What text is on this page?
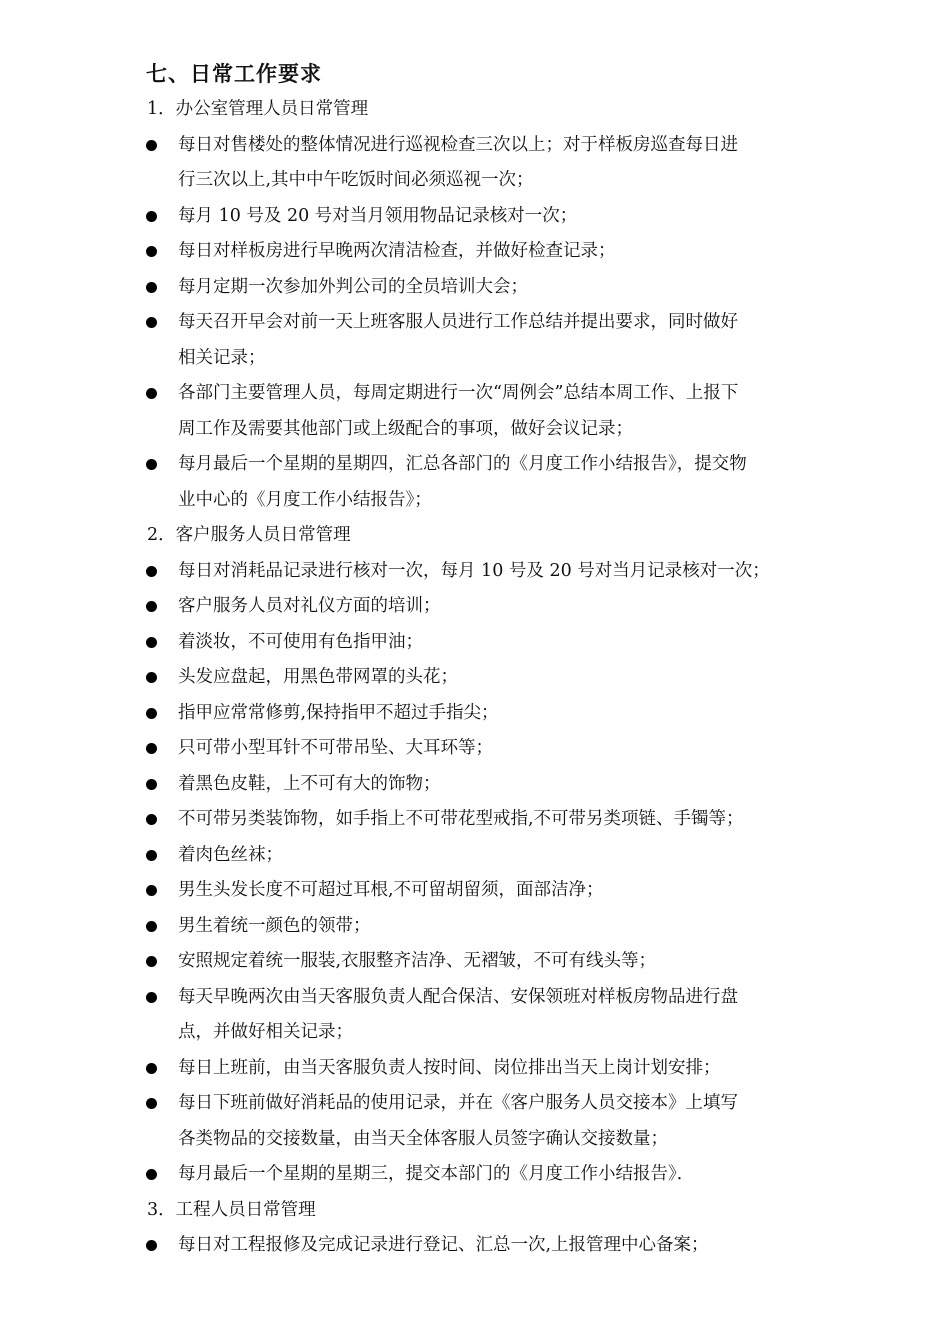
七、日常工作要求
1．办公室管理人员日常管理
每日对售楼处的整体情况进行巡视检查三次以上；对于样板房巡查每日进
行三次以上,其中中午吃饭时间必须巡视一次；
每月 10 号及 20 号对当月领用物品记录核对一次；
每日对样板房进行早晚两次清洁检查，并做好检查记录；
每月定期一次参加外判公司的全员培训大会；
每天召开早会对前一天上班客服人员进行工作总结并提出要求，同时做好
相关记录；
各部门主要管理人员，每周定期进行一次“周例会”总结本周工作、上报下
周工作及需要其他部门或上级配合的事项，做好会议记录；
每月最后一个星期的星期四，汇总各部门的《月度工作小结报告》，提交物
业中心的《月度工作小结报告》；
2．客户服务人员日常管理
每日对消耗品记录进行核对一次，每月 10 号及 20 号对当月记录核对一次；
客户服务人员对礼仪方面的培训；
着淡妆，不可使用有色指甲油；
头发应盘起，用黑色带网罩的头花；
指甲应常常修剪,保持指甲不超过手指尖；
只可带小型耳针不可带吊坠、大耳环等；
着黑色皮鞋，上不可有大的饰物；
不可带另类装饰物，如手指上不可带花型戒指,不可带另类项链、手镯等；
着肉色丝袜；
男生头发长度不可超过耳根,不可留胡留须，面部洁净；
男生着统一颜色的领带；
安照规定着统一服装,衣服整齐洁净、无褶皱，不可有线头等；
每天早晚两次由当天客服负责人配合保洁、安保领班对样板房物品进行盘
点，并做好相关记录；
每日上班前，由当天客服负责人按时间、岗位排出当天上岗计划安排；
每日下班前做好消耗品的使用记录，并在《客户服务人员交接本》上填写
各类物品的交接数量，由当天全体客服人员签字确认交接数量；
每月最后一个星期的星期三，提交本部门的《月度工作小结报告》．
3．工程人员日常管理
每日对工程报修及完成记录进行登记、汇总一次,上报管理中心备案；
